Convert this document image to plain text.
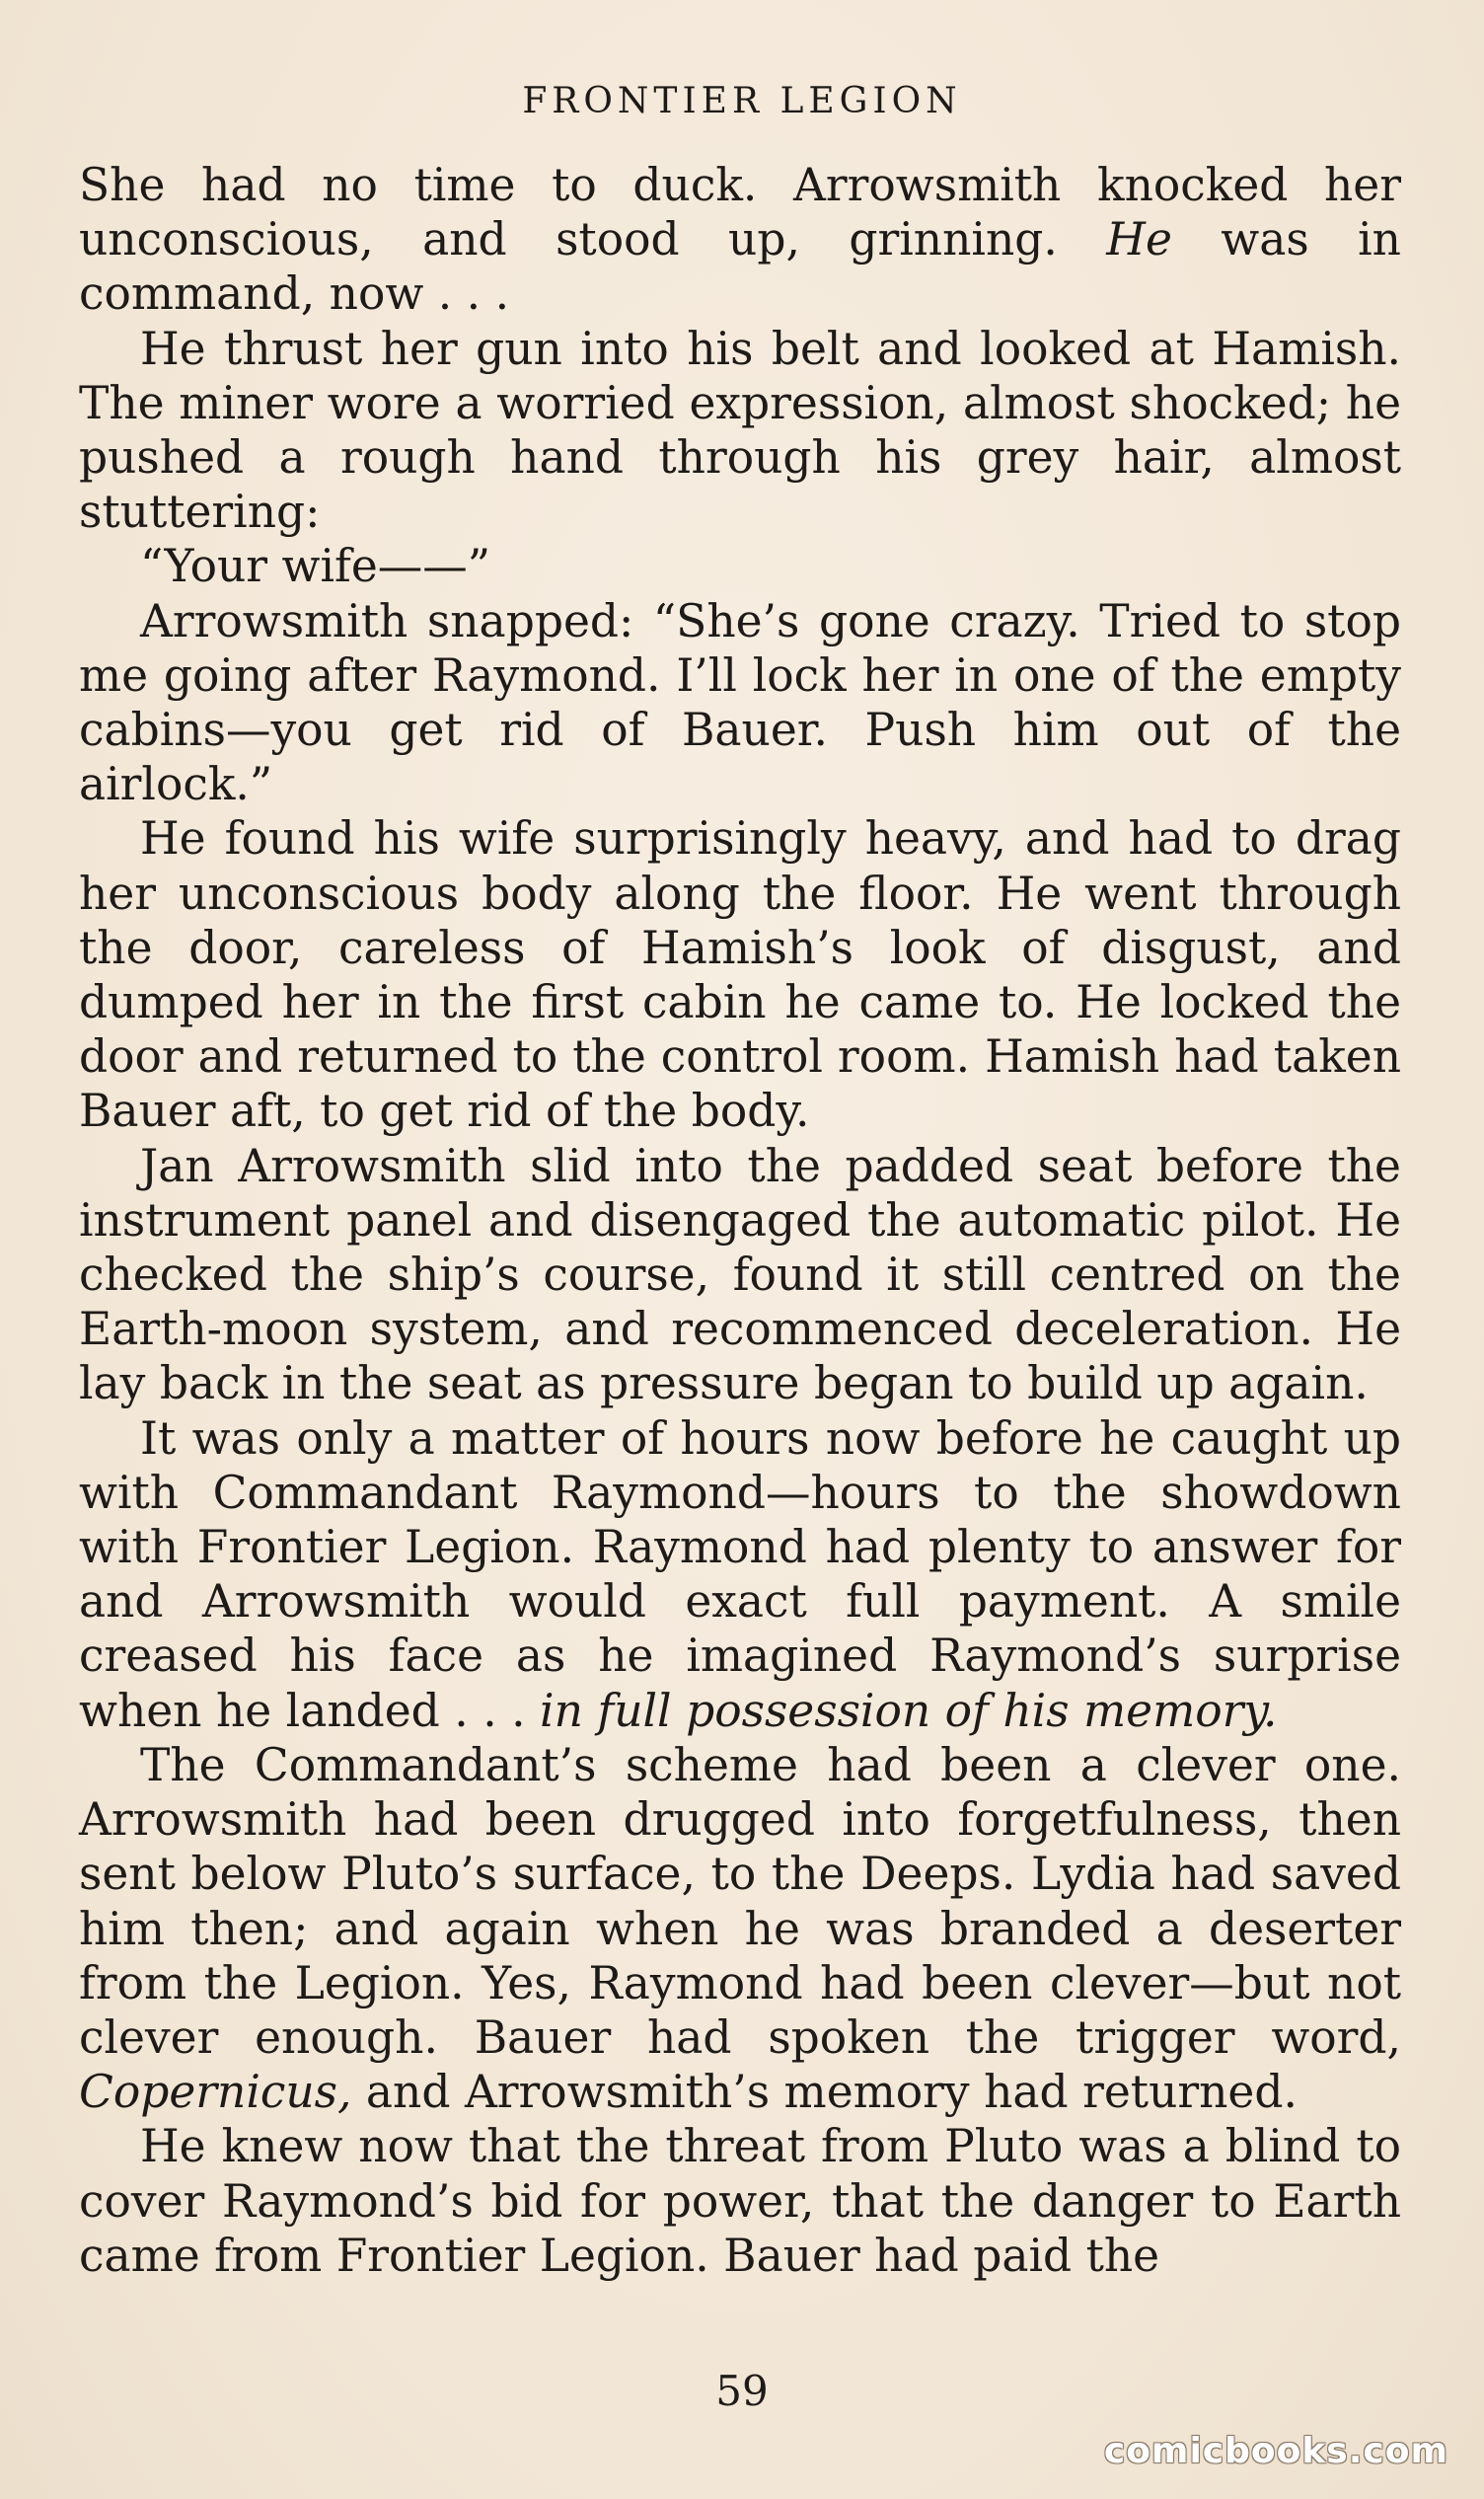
FRONTIER LEGION

She had no time to duck. Arrowsmith knocked her unconscious, and stood up, grinning. He was in command, now . . .

He thrust her gun into his belt and looked at Hamish. The miner wore a worried expression, almost shocked; he pushed a rough hand through his grey hair, almost stuttering:

“Your wife——”

Arrowsmith snapped: “She’s gone crazy. Tried to stop me going after Raymond. I’ll lock her in one of the empty cabins—you get rid of Bauer. Push him out of the airlock.”

He found his wife surprisingly heavy, and had to drag her unconscious body along the floor. He went through the door, careless of Hamish’s look of disgust, and dumped her in the first cabin he came to. He locked the door and returned to the control room. Hamish had taken Bauer aft, to get rid of the body.

Jan Arrowsmith slid into the padded seat before the instrument panel and disengaged the automatic pilot. He checked the ship’s course, found it still centred on the Earth-moon system, and recommenced deceleration. He lay back in the seat as pressure began to build up again.

It was only a matter of hours now before he caught up with Commandant Raymond—hours to the showdown with Frontier Legion. Raymond had plenty to answer for and Arrowsmith would exact full payment. A smile creased his face as he imagined Raymond’s surprise when he landed . . . in full possession of his memory.

The Commandant’s scheme had been a clever one. Arrowsmith had been drugged into forgetfulness, then sent below Pluto’s surface, to the Deeps. Lydia had saved him then; and again when he was branded a deserter from the Legion. Yes, Raymond had been clever—but not clever enough. Bauer had spoken the trigger word, Copernicus, and Arrowsmith’s memory had returned.

He knew now that the threat from Pluto was a blind to cover Raymond’s bid for power, that the danger to Earth came from Frontier Legion. Bauer had paid the

59
comicbooks.com
